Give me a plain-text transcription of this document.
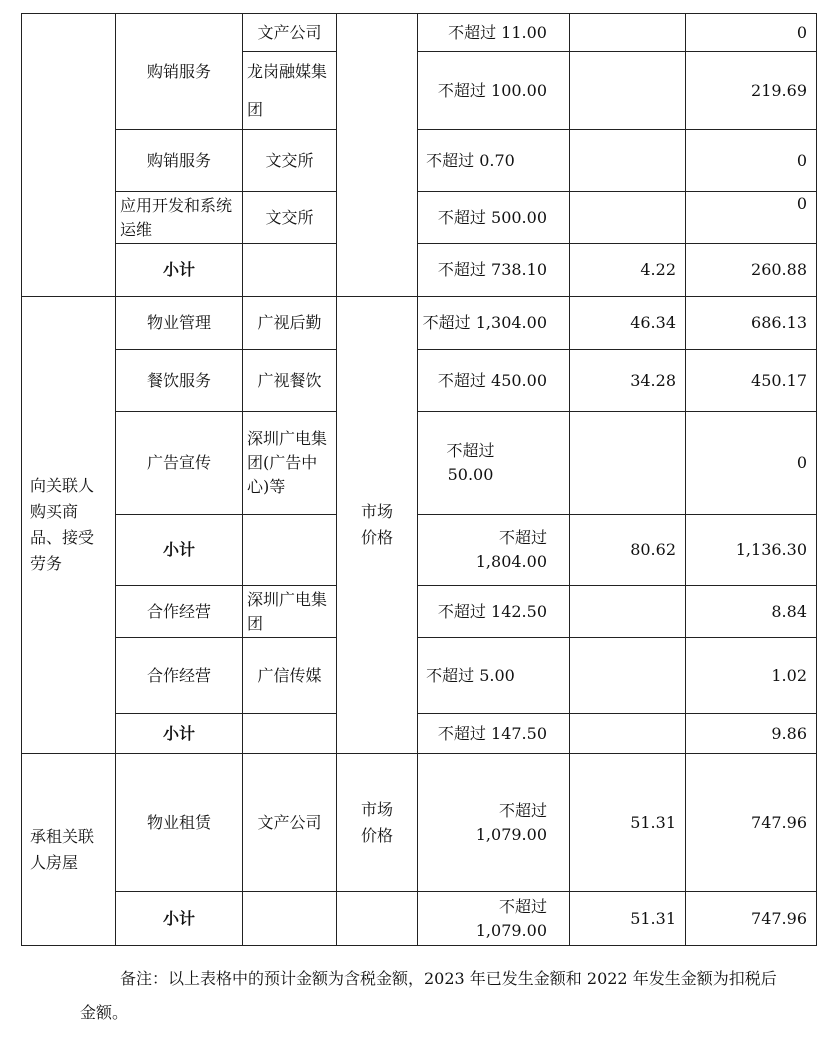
	购销服务	文产公司		不超过 11.00		0
		龙岗融媒集团		不超过 100.00		219.69
	购销服务	文交所		不超过 0.70		0
	应用开发和系统运维	文交所		不超过 500.00		0
	小计			不超过 738.10	4.22	260.88
向关联人购买商品、接受劳务	物业管理	广视后勤	市场价格	不超过 1,304.00	46.34	686.13
	餐饮服务	广视餐饮		不超过 450.00	34.28	450.17
	广告宣传	深圳广电集团(广告中心)等		不超过 50.00		0
	小计			不超过 1,804.00	80.62	1,136.30
	合作经营	深圳广电集团		不超过 142.50		8.84
	合作经营	广信传媒		不超过 5.00		1.02
	小计			不超过 147.50		9.86
承租关联人房屋	物业租赁	文产公司	市场价格	不超过 1,079.00	51.31	747.96
	小计			不超过 1,079.00	51.31	747.96
备注：以上表格中的预计金额为含税金额，2023 年已发生金额和 2022 年发生金额为扣税后
金额。
